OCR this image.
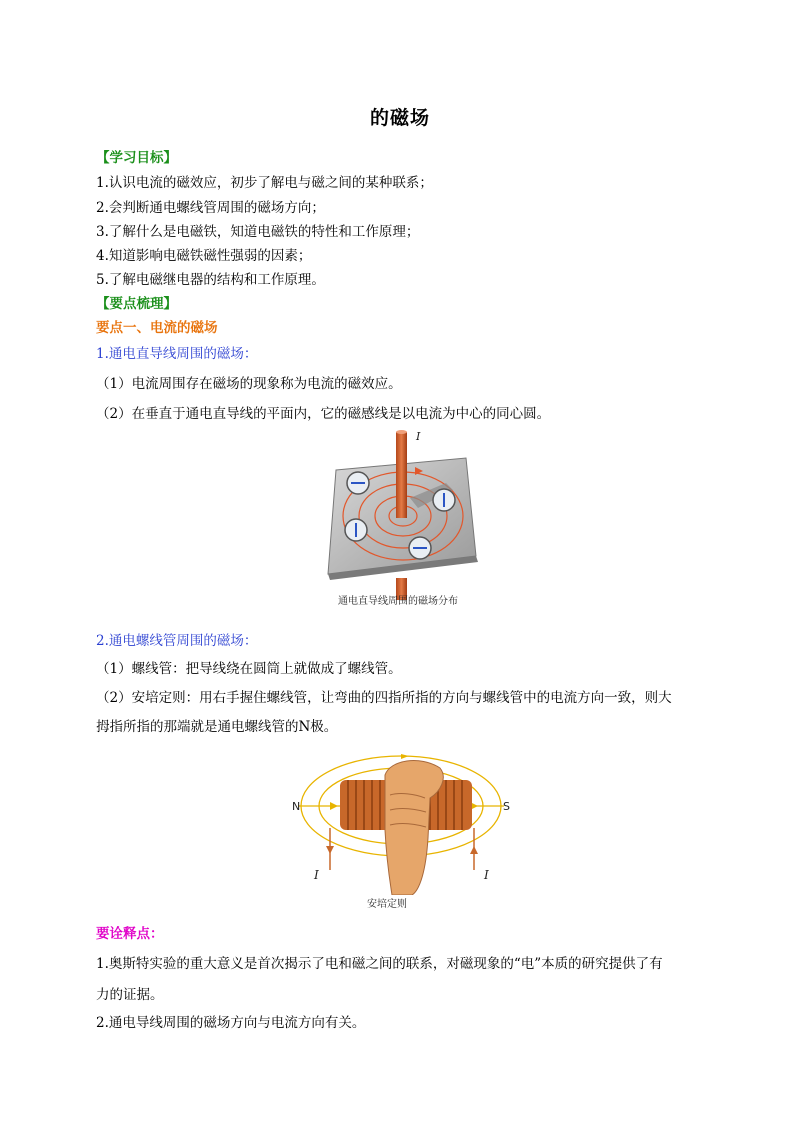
的磁场
【学习目标】
1.认识电流的磁效应，初步了解电与磁之间的某种联系；
2.会判断通电螺线管周围的磁场方向；
3.了解什么是电磁铁，知道电磁铁的特性和工作原理；
4.知道影响电磁铁磁性强弱的因素；
5.了解电磁继电器的结构和工作原理。
【要点梳理】
要点一、电流的磁场
1.通电直导线周围的磁场：
（1）电流周围存在磁场的现象称为电流的磁效应。
（2）在垂直于通电直导线的平面内，它的磁感线是以电流为中心的同心圆。
I
通电直导线周围的磁场分布
2.通电螺线管周围的磁场：
（1）螺线管：把导线绕在圆筒上就做成了螺线管。
（2）安培定则：用右手握住螺线管，让弯曲的四指所指的方向与螺线管中的电流方向一致，则大
拇指所指的那端就是通电螺线管的N极。
N	S
I	I
安培定则
要诠释点：
1.奥斯特实验的重大意义是首次揭示了电和磁之间的联系，对磁现象的“电”本质的研究提供了有
力的证据。
2.通电导线周围的磁场方向与电流方向有关。
